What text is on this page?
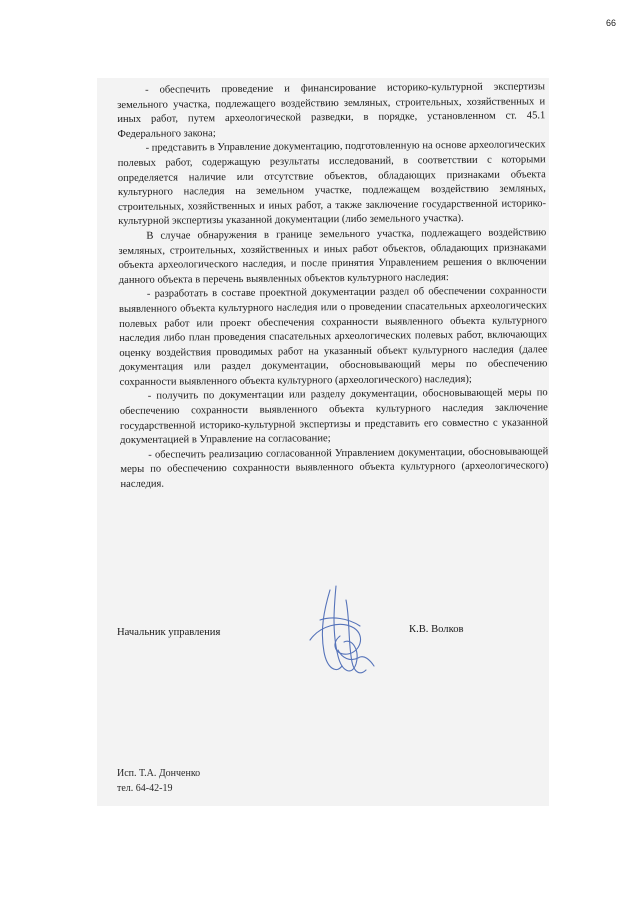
66

- обеспечить проведение и финансирование историко-культурной экспертизы земельного участка, подлежащего воздействию земляных, строительных, хозяйственных и иных работ, путем археологической разведки, в порядке, установленном ст. 45.1 Федерального закона;

- представить в Управление документацию, подготовленную на основе археологических полевых работ, содержащую результаты исследований, в соответствии с которыми определяется наличие или отсутствие объектов, обладающих признаками объекта культурного наследия на земельном участке, подлежащем воздействию земляных, строительных, хозяйственных и иных работ, а также заключение государственной историко-культурной экспертизы указанной документации (либо земельного участка).

В случае обнаружения в границе земельного участка, подлежащего воздействию земляных, строительных, хозяйственных и иных работ объектов, обладающих признаками объекта археологического наследия, и после принятия Управлением решения о включении данного объекта в перечень выявленных объектов культурного наследия:

- разработать в составе проектной документации раздел об обеспечении сохранности выявленного объекта культурного наследия или о проведении спасательных археологических полевых работ или проект обеспечения сохранности выявленного объекта культурного наследия либо план проведения спасательных археологических полевых работ, включающих оценку воздействия проводимых работ на указанный объект культурного наследия (далее документация или раздел документации, обосновывающий меры по обеспечению сохранности выявленного объекта культурного (археологического) наследия);

- получить по документации или разделу документации, обосновывающей меры по обеспечению сохранности выявленного объекта культурного наследия заключение государственной историко-культурной экспертизы и представить его совместно с указанной документацией в Управление на согласование;

- обеспечить реализацию согласованной Управлением документации, обосновывающей меры по обеспечению сохранности выявленного объекта культурного (археологического) наследия.

Начальник управления	К.В. Волков
Исп. Т.А. Донченко
тел. 64-42-19
